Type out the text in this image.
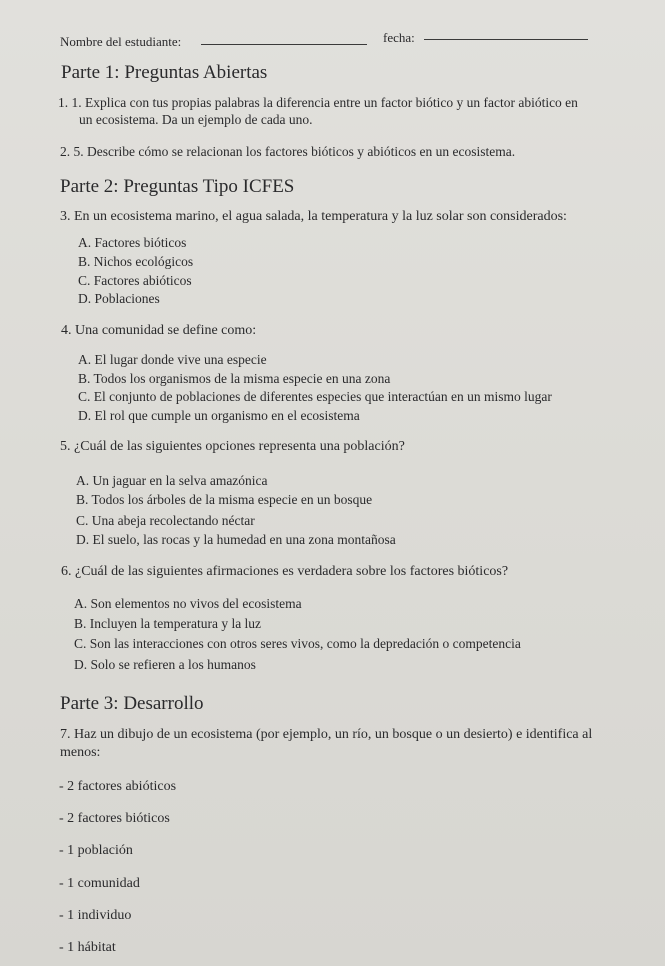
Nombre del estudiante:	fecha:
Parte 1: Preguntas Abiertas
1. 1. Explica con tus propias palabras la diferencia entre un factor biótico y un factor abiótico en
un ecosistema. Da un ejemplo de cada uno.
2. 5. Describe cómo se relacionan los factores bióticos y abióticos en un ecosistema.
Parte 2: Preguntas Tipo ICFES
3. En un ecosistema marino, el agua salada, la temperatura y la luz solar son considerados:
A. Factores bióticos
B. Nichos ecológicos
C. Factores abióticos
D. Poblaciones
4. Una comunidad se define como:
A. El lugar donde vive una especie
B. Todos los organismos de la misma especie en una zona
C. El conjunto de poblaciones de diferentes especies que interactúan en un mismo lugar
D. El rol que cumple un organismo en el ecosistema
5. ¿Cuál de las siguientes opciones representa una población?
A. Un jaguar en la selva amazónica
B. Todos los árboles de la misma especie en un bosque
C. Una abeja recolectando néctar
D. El suelo, las rocas y la humedad en una zona montañosa
6. ¿Cuál de las siguientes afirmaciones es verdadera sobre los factores bióticos?
A. Son elementos no vivos del ecosistema
B. Incluyen la temperatura y la luz
C. Son las interacciones con otros seres vivos, como la depredación o competencia
D. Solo se refieren a los humanos
Parte 3: Desarrollo
7. Haz un dibujo de un ecosistema (por ejemplo, un río, un bosque o un desierto) e identifica al
menos:
- 2 factores abióticos
- 2 factores bióticos
- 1 población
- 1 comunidad
- 1 individuo
- 1 hábitat
